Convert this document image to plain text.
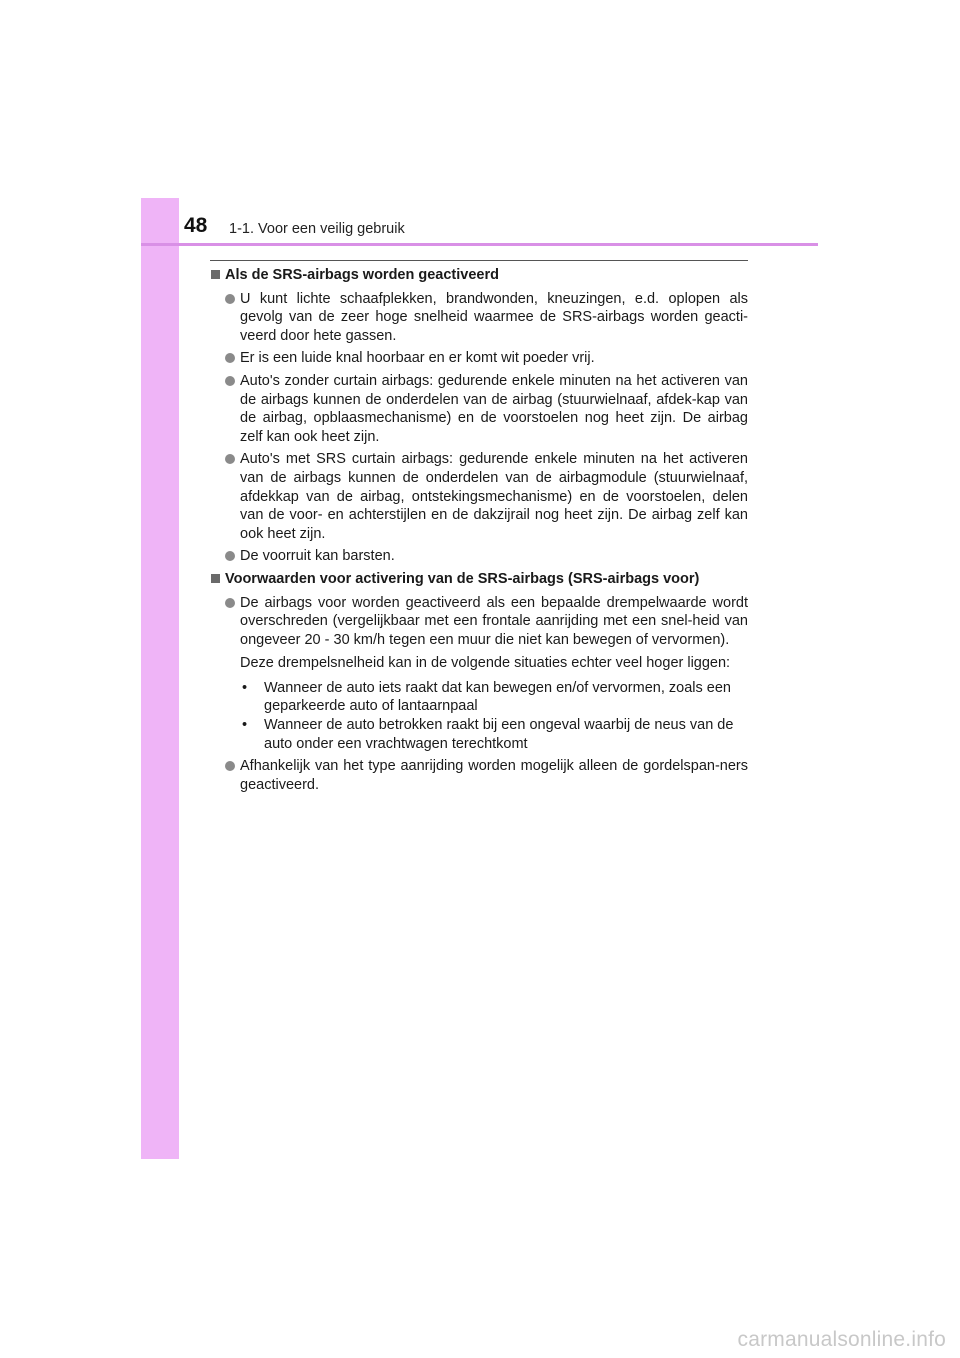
48 1-1. Voor een veilig gebruik
Als de SRS-airbags worden geactiveerd
U kunt lichte schaafplekken, brandwonden, kneuzingen, e.d. oplopen als gevolg van de zeer hoge snelheid waarmee de SRS-airbags worden geacti-veerd door hete gassen.
Er is een luide knal hoorbaar en er komt wit poeder vrij.
Auto's zonder curtain airbags: gedurende enkele minuten na het activeren van de airbags kunnen de onderdelen van de airbag (stuurwielnaaf, afdek-kap van de airbag, opblaasmechanisme) en de voorstoelen nog heet zijn. De airbag zelf kan ook heet zijn.
Auto's met SRS curtain airbags: gedurende enkele minuten na het activeren van de airbags kunnen de onderdelen van de airbagmodule (stuurwielnaaf, afdekkap van de airbag, ontstekingsmechanisme) en de voorstoelen, delen van de voor- en achterstijlen en de dakzijrail nog heet zijn. De airbag zelf kan ook heet zijn.
De voorruit kan barsten.
Voorwaarden voor activering van de SRS-airbags (SRS-airbags voor)
De airbags voor worden geactiveerd als een bepaalde drempelwaarde wordt overschreden (vergelijkbaar met een frontale aanrijding met een snel-heid van ongeveer 20 - 30 km/h tegen een muur die niet kan bewegen of vervormen).
Deze drempelsnelheid kan in de volgende situaties echter veel hoger liggen:
•	Wanneer de auto iets raakt dat kan bewegen en/of vervormen, zoals een geparkeerde auto of lantaarnpaal
•	Wanneer de auto betrokken raakt bij een ongeval waarbij de neus van de auto onder een vrachtwagen terechtkomt
Afhankelijk van het type aanrijding worden mogelijk alleen de gordelspan-ners geactiveerd.
carmanualsonline.info
